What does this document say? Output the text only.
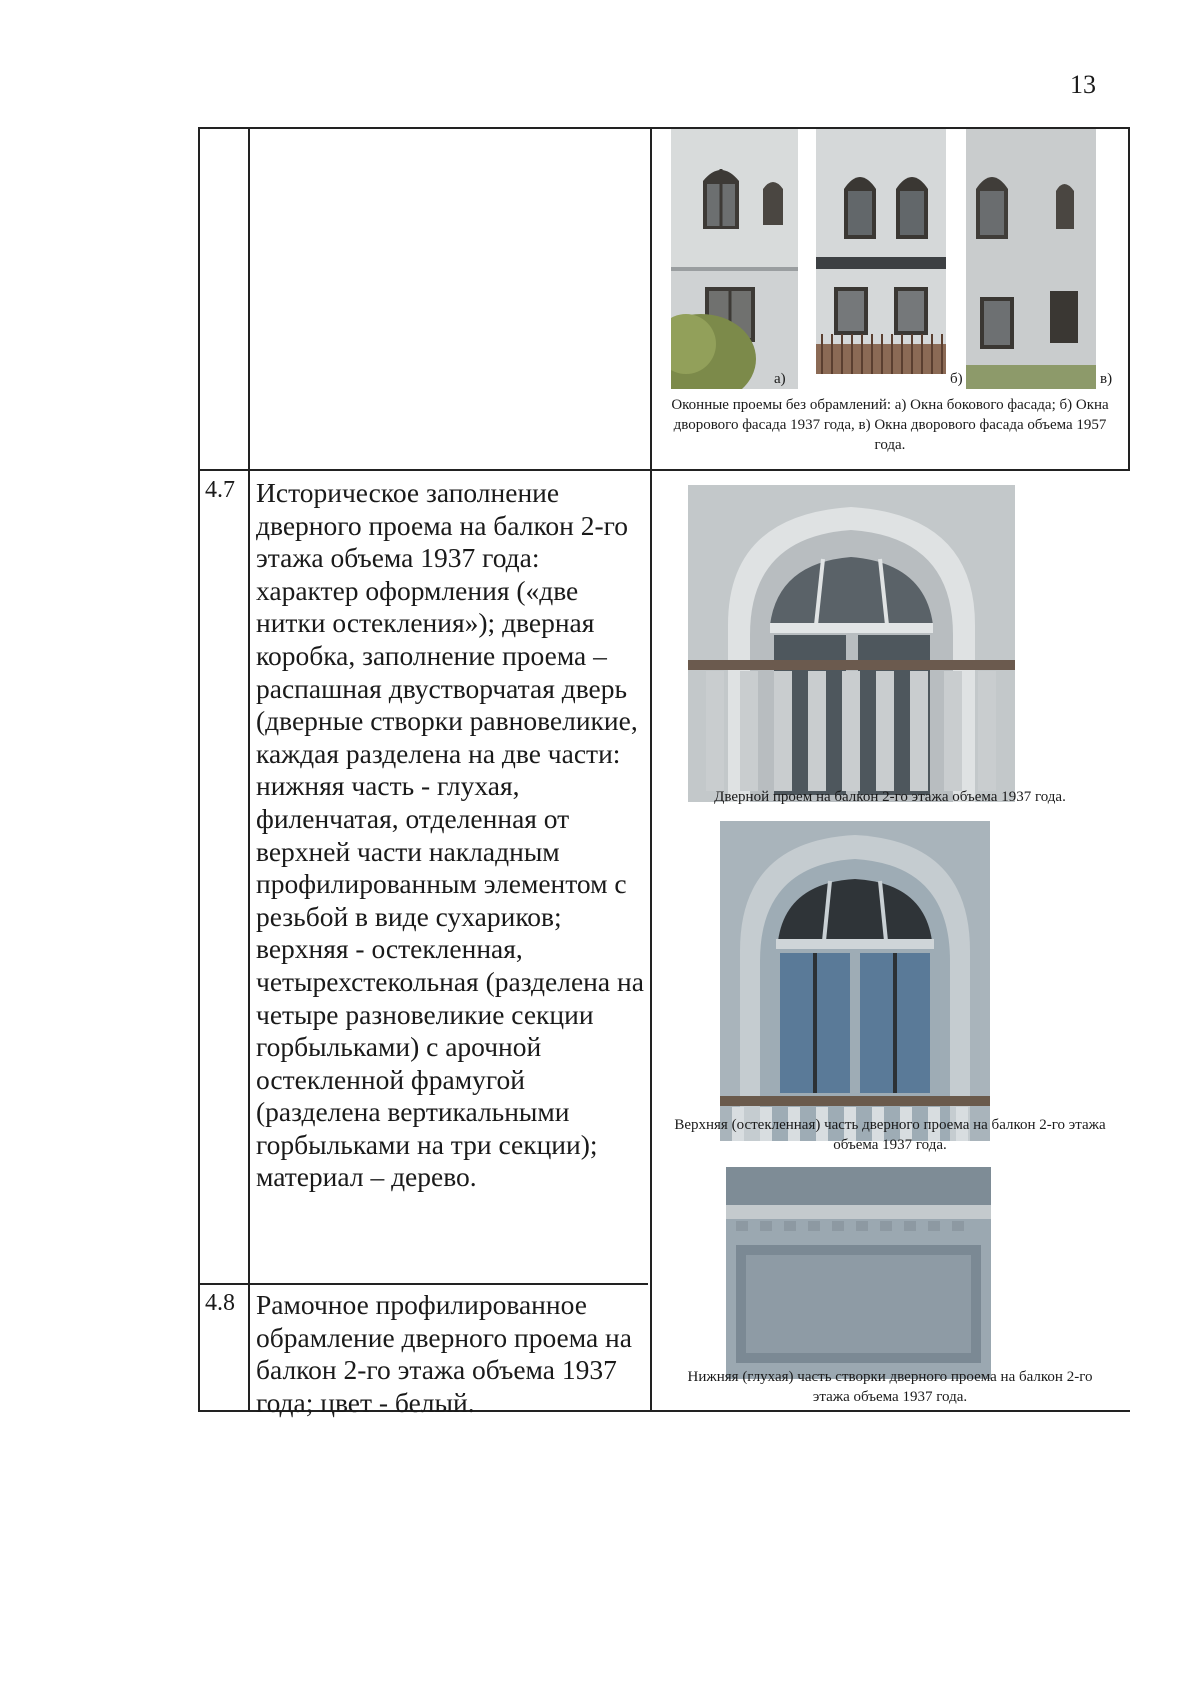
13
а)	б)	в)
Оконные проемы без обрамлений: а) Окна бокового фасада; б) Окна дворового фасада 1937 года, в) Окна дворового фасада объема 1957 года.
4.7 Историческое заполнение дверного проема на балкон 2-го этажа объема 1937 года: характер оформления («две нитки остекления»); дверная коробка, заполнение проема – распашная двустворчатая дверь (дверные створки равновеликие, каждая разделена на две части: нижняя часть - глухая, филенчатая, отделенная от верхней части накладным профилированным элементом с резьбой в виде сухариков; верхняя - остекленная, четырехстекольная (разделена на четыре разновеликие секции горбыльками) с арочной остекленной фрамугой (разделена вертикальными горбыльками на три секции); материал – дерево.
Дверной проем на балкон 2-го этажа объема 1937 года.
Верхняя (остекленная) часть дверного проема на балкон 2-го этажа объема 1937 года.
4.8 Рамочное профилированное обрамление дверного проема на балкон 2-го этажа объема 1937 года; цвет - белый.
Нижняя (глухая) часть створки дверного проема на балкон 2-го этажа объема 1937 года.
